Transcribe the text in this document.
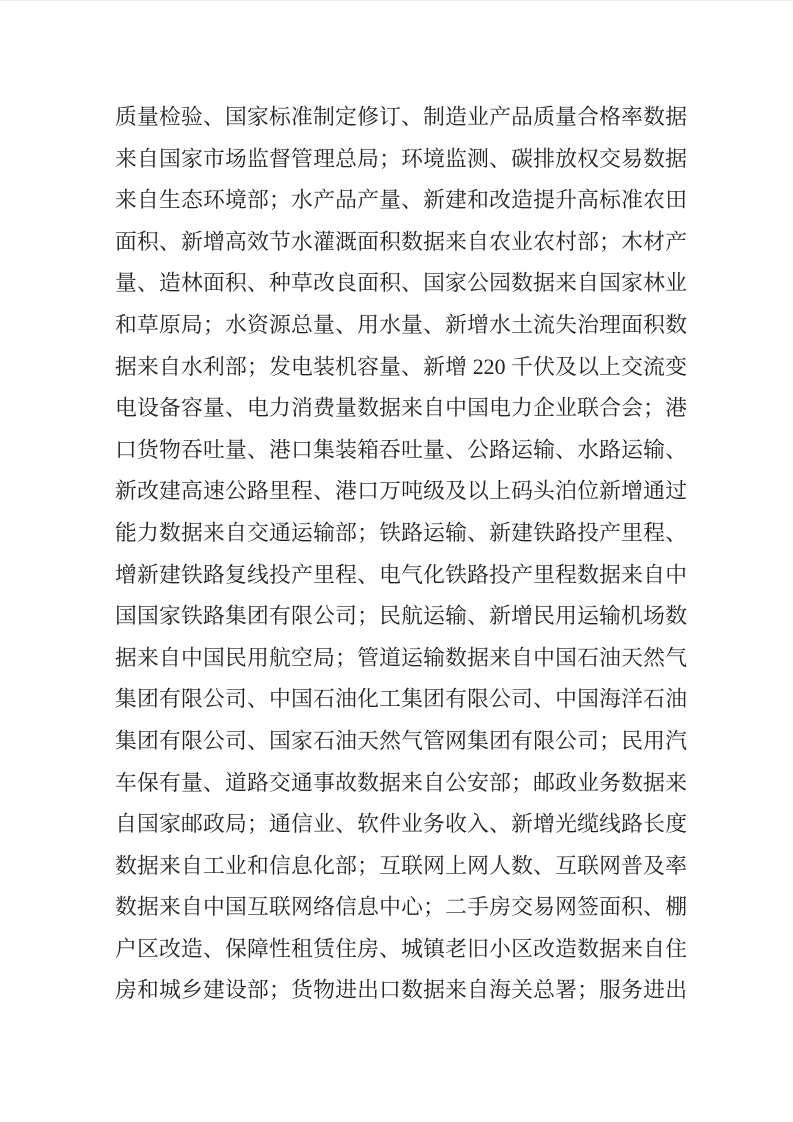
质量检验、国家标准制定修订、制造业产品质量合格率数据
来自国家市场监督管理总局；环境监测、碳排放权交易数据
来自生态环境部；水产品产量、新建和改造提升高标准农田
面积、新增高效节水灌溉面积数据来自农业农村部；木材产
量、造林面积、种草改良面积、国家公园数据来自国家林业
和草原局；水资源总量、用水量、新增水土流失治理面积数
据来自水利部；发电装机容量、新增 220 千伏及以上交流变
电设备容量、电力消费量数据来自中国电力企业联合会；港
口货物吞吐量、港口集装箱吞吐量、公路运输、水路运输、
新改建高速公路里程、港口万吨级及以上码头泊位新增通过
能力数据来自交通运输部；铁路运输、新建铁路投产里程、
增新建铁路复线投产里程、电气化铁路投产里程数据来自中
国国家铁路集团有限公司；民航运输、新增民用运输机场数
据来自中国民用航空局；管道运输数据来自中国石油天然气
集团有限公司、中国石油化工集团有限公司、中国海洋石油
集团有限公司、国家石油天然气管网集团有限公司；民用汽
车保有量、道路交通事故数据来自公安部；邮政业务数据来
自国家邮政局；通信业、软件业务收入、新增光缆线路长度
数据来自工业和信息化部；互联网上网人数、互联网普及率
数据来自中国互联网络信息中心；二手房交易网签面积、棚
户区改造、保障性租赁住房、城镇老旧小区改造数据来自住
房和城乡建设部；货物进出口数据来自海关总署；服务进出
